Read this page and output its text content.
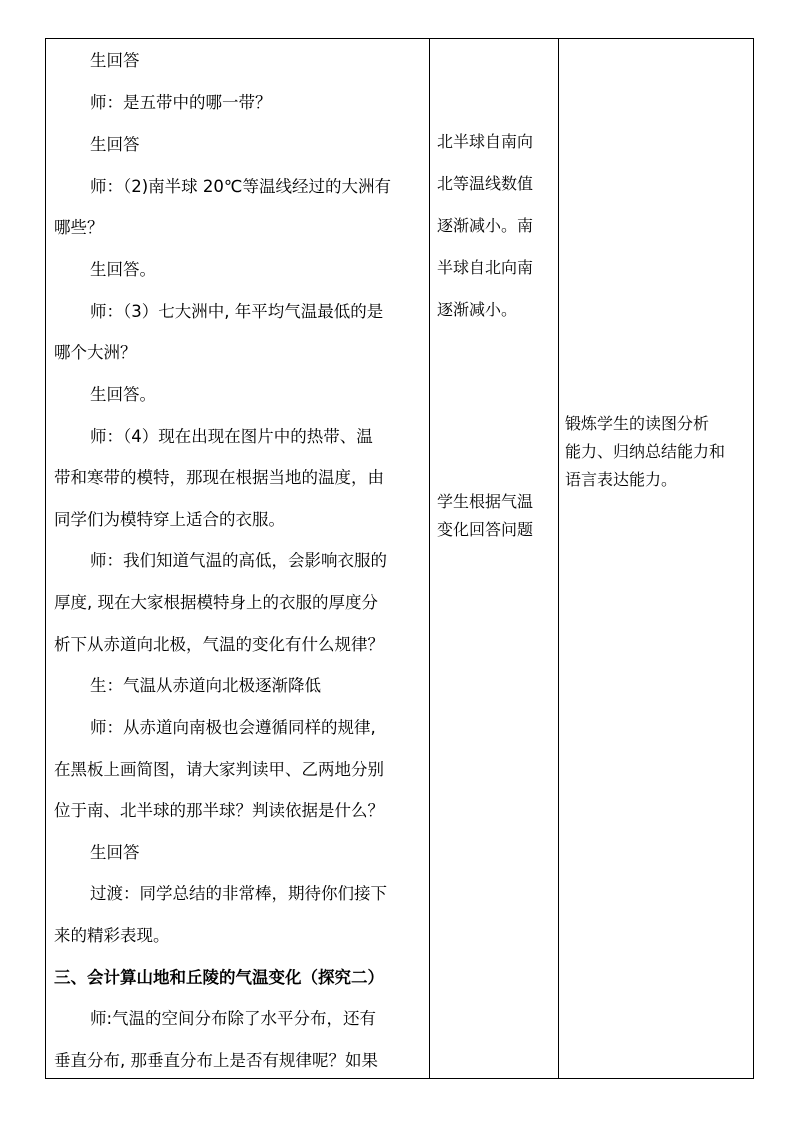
生回答
师：是五带中的哪一带？
生回答
师：（2)南半球 20℃等温线经过的大洲有
哪些？
生回答。
师：（3）七大洲中, 年平均气温最低的是
哪个大洲？
生回答。
师：（4）现在出现在图片中的热带、温
带和寒带的模特，那现在根据当地的温度，由
同学们为模特穿上适合的衣服。
师：我们知道气温的高低，会影响衣服的
厚度, 现在大家根据模特身上的衣服的厚度分
析下从赤道向北极，气温的变化有什么规律？
生：气温从赤道向北极逐渐降低
师：从赤道向南极也会遵循同样的规律,
在黑板上画简图，请大家判读甲、乙两地分别
位于南、北半球的那半球？判读依据是什么？
生回答
过渡：同学总结的非常棒，期待你们接下
来的精彩表现。
三、会计算山地和丘陵的气温变化（探究二）
师:气温的空间分布除了水平分布，还有
垂直分布, 那垂直分布上是否有规律呢？如果
北半球自南向
北等温线数值
逐渐减小。南
半球自北向南
逐渐减小。
学生根据气温
变化回答问题
锻炼学生的读图分析
能力、归纳总结能力和
语言表达能力。
